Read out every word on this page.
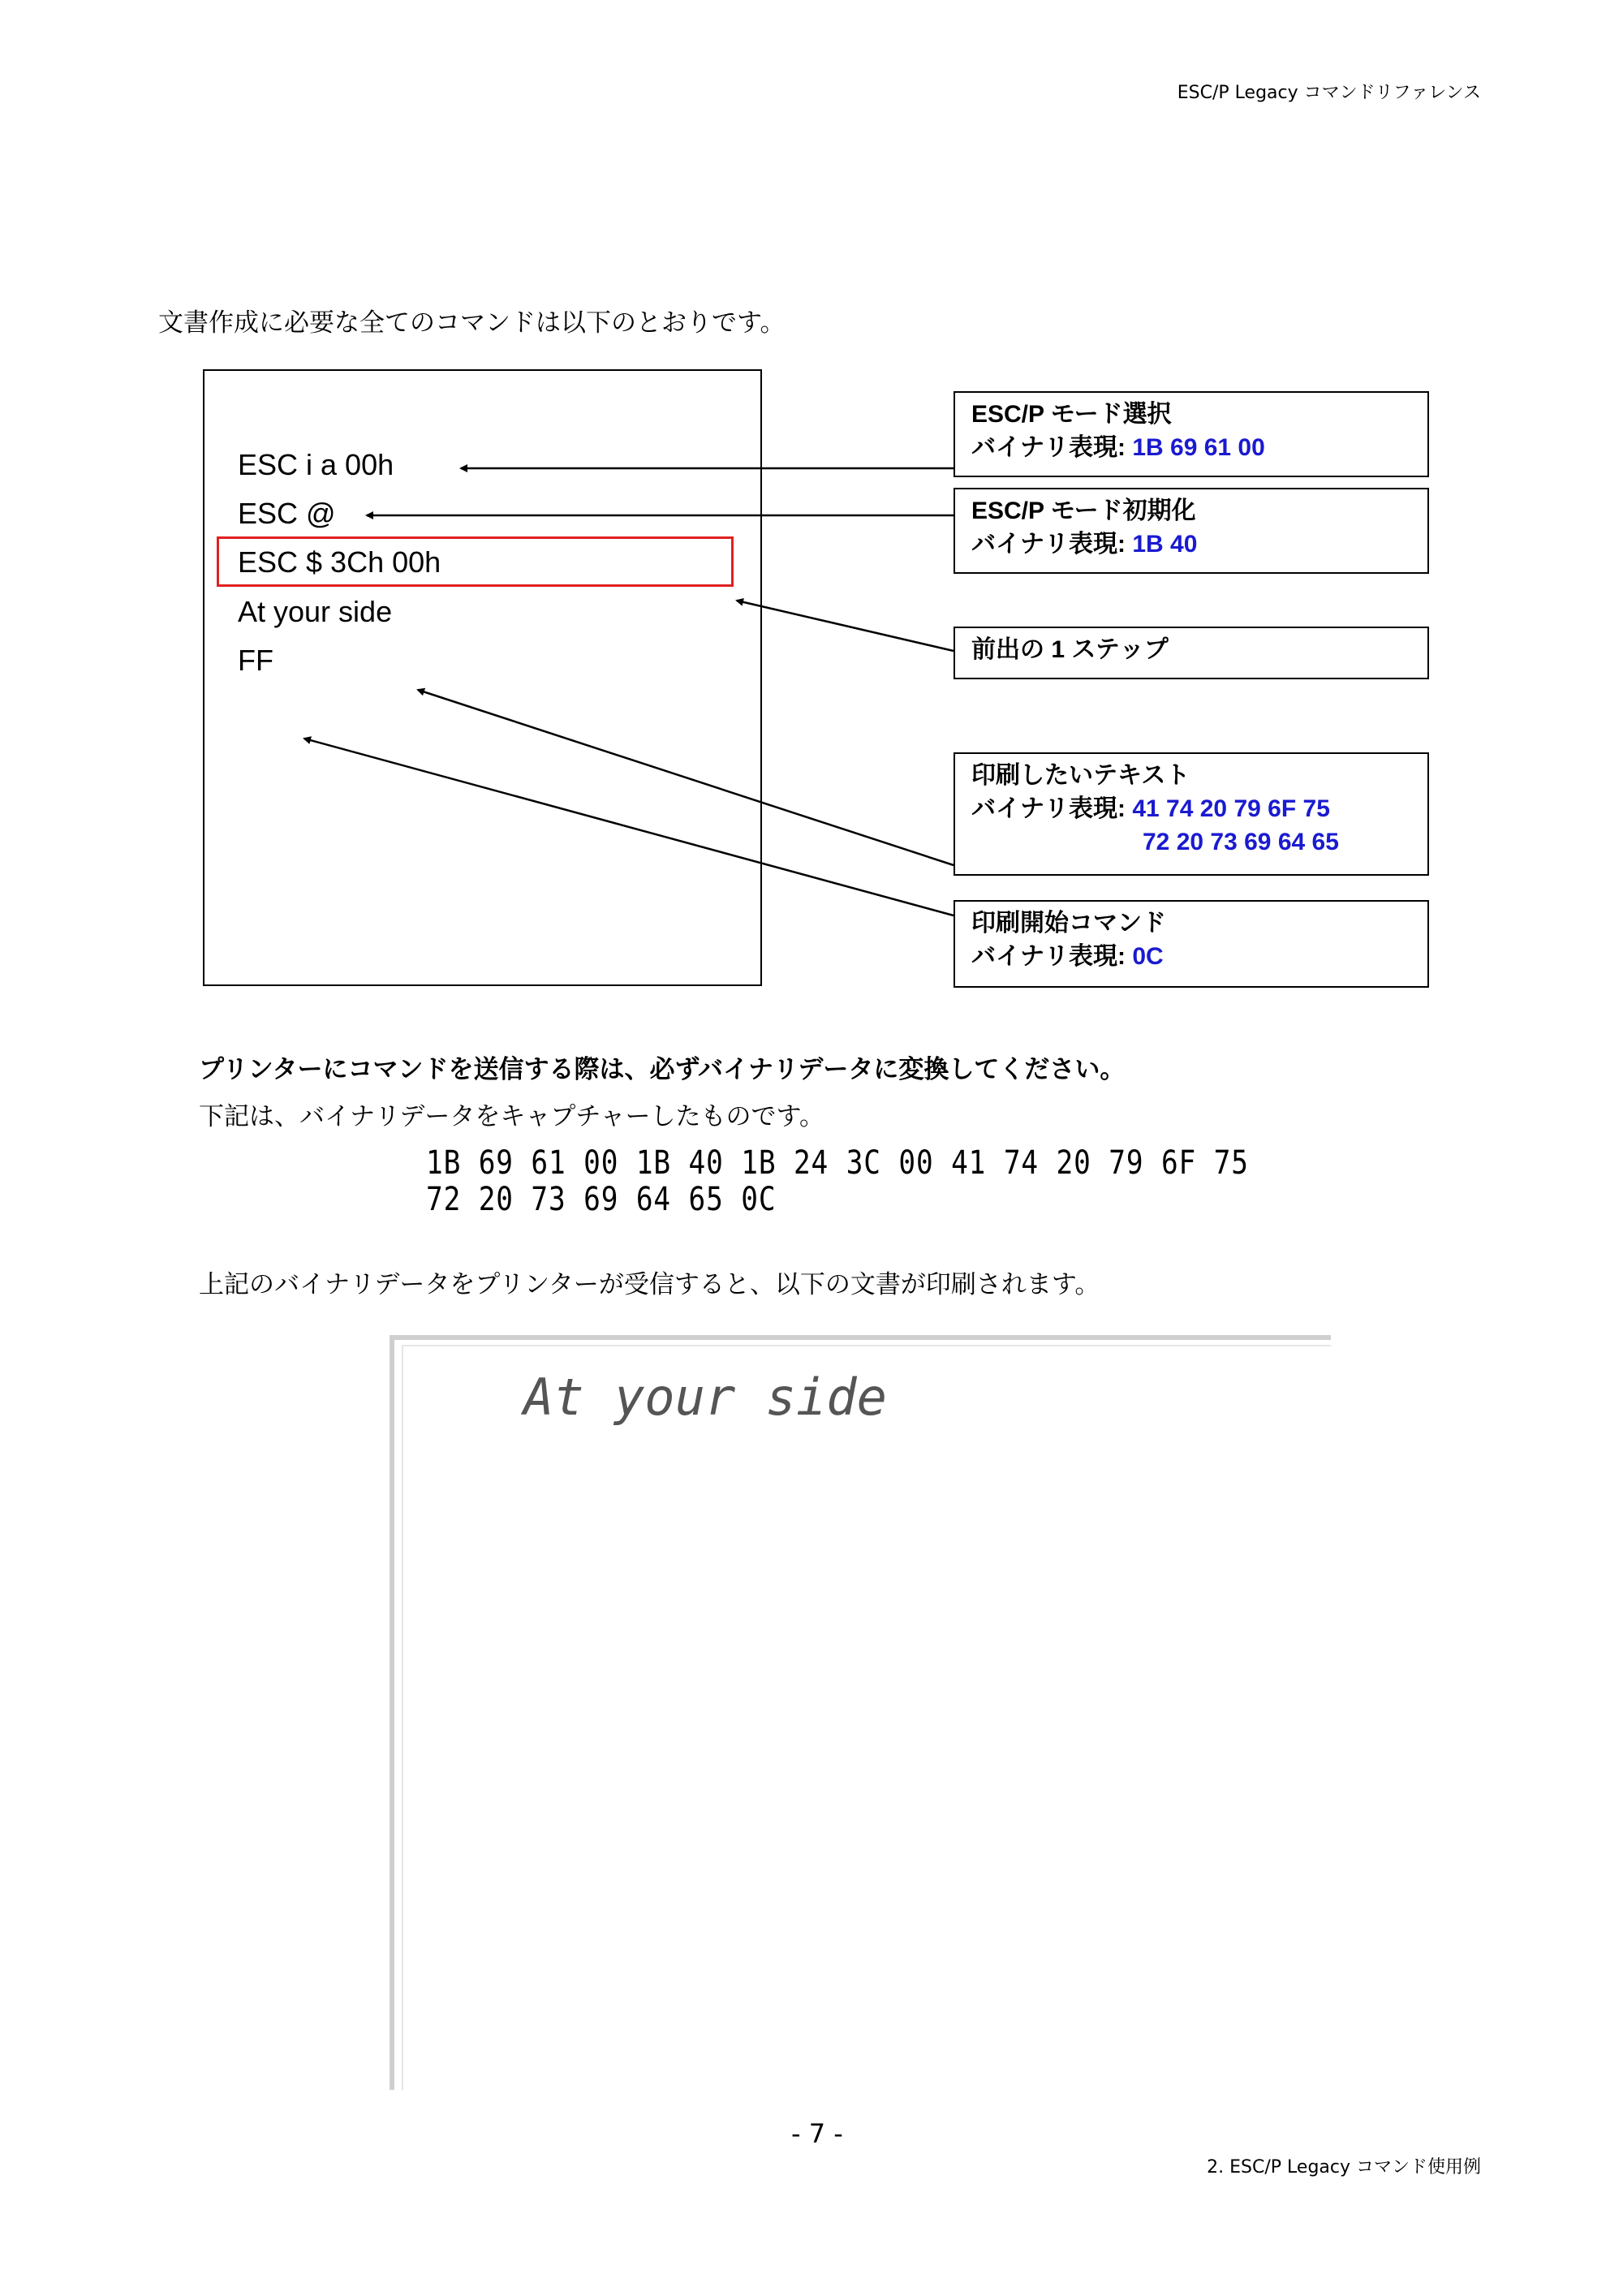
ESC/P Legacy コマンドリファレンス
文書作成に必要な全てのコマンドは以下のとおりです。
ESC i a 00h
ESC @
ESC $ 3Ch 00h
At your side
FF
ESC/P モード選択
バイナリ表現: 1B 69 61 00
ESC/P モード初期化
バイナリ表現: 1B 40
前出の 1 ステップ
印刷したいテキスト
バイナリ表現: 41 74 20 79 6F 75
72 20 73 69 64 65
印刷開始コマンド
バイナリ表現: 0C
プリンターにコマンドを送信する際は、必ずバイナリデータに変換してください。
下記は、バイナリデータをキャプチャーしたものです。
1B 69 61 00 1B 40 1B 24 3C 00 41 74 20 79 6F 75
72 20 73 69 64 65 0C
上記のバイナリデータをプリンターが受信すると、以下の文書が印刷されます。
At your side
- 7 -
2. ESC/P Legacy コマンド使用例
